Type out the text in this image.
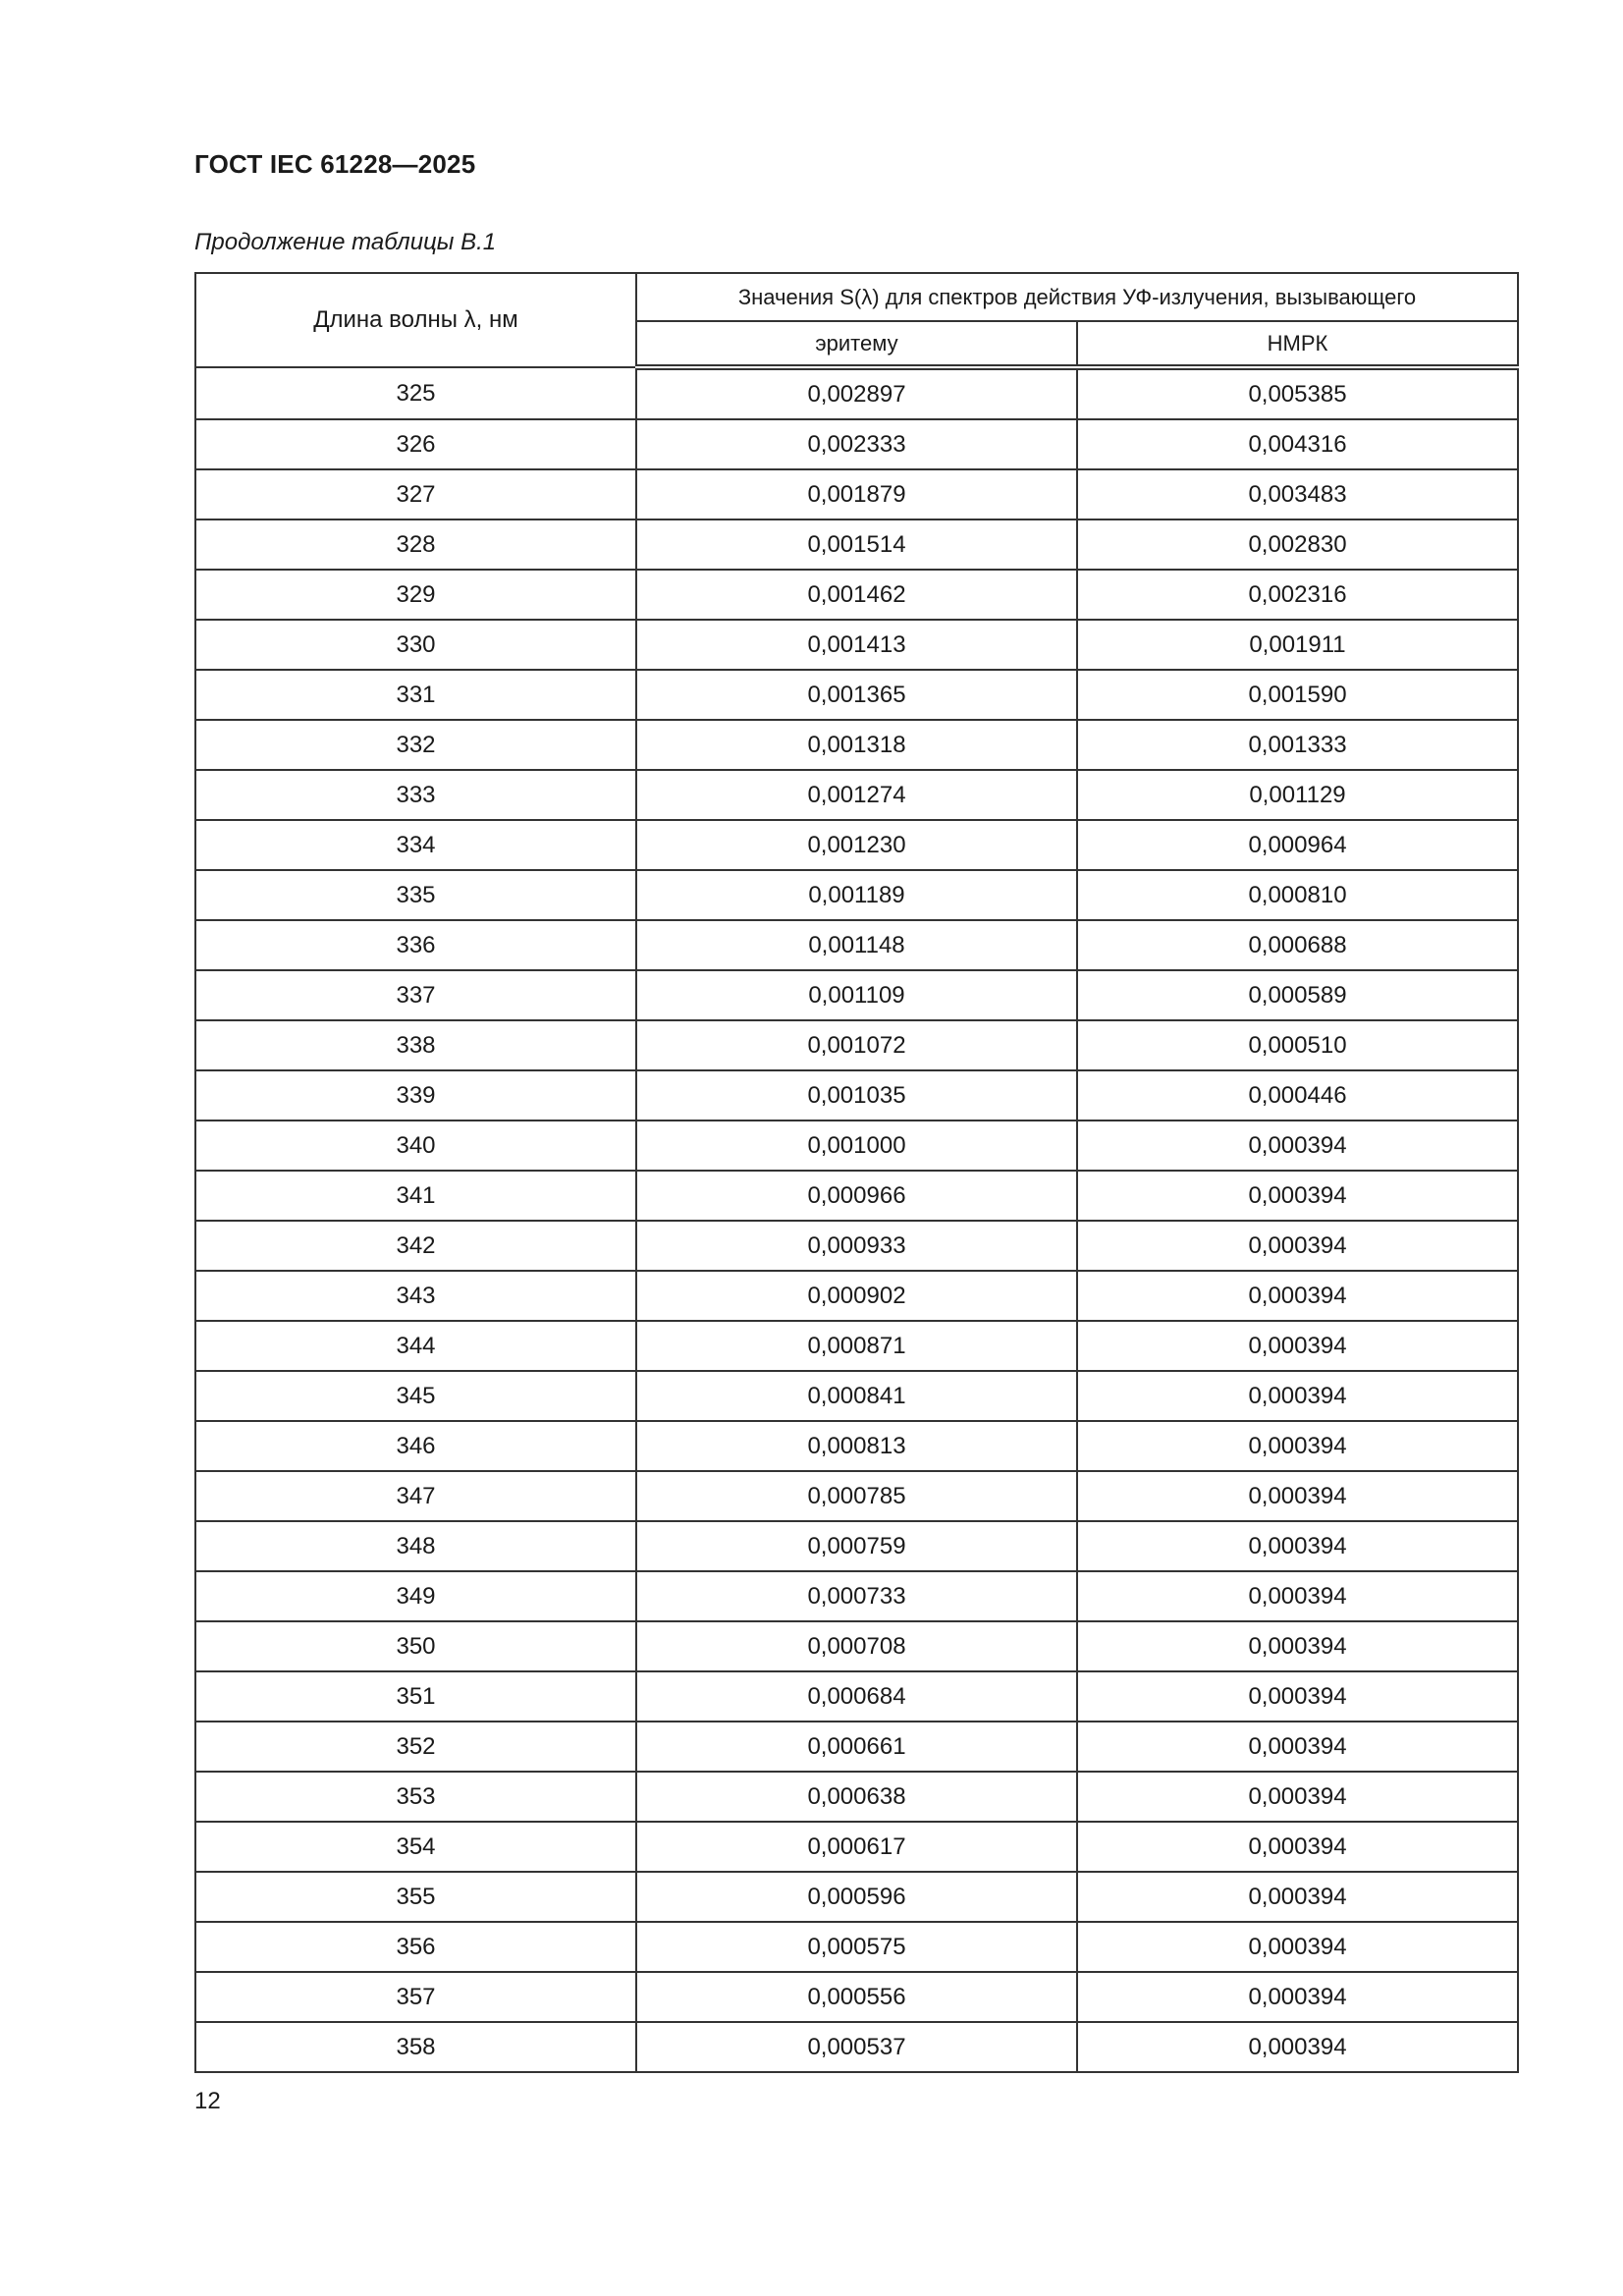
ГОСТ IEC 61228—2025

Продолжение таблицы В.1

Длина волны λ, нм	Значения S(λ) для спектров действия УФ-излучения, вызывающего	
	эритему	НМРК
325	0,002897	0,005385
326	0,002333	0,004316
327	0,001879	0,003483
328	0,001514	0,002830
329	0,001462	0,002316
330	0,001413	0,001911
331	0,001365	0,001590
332	0,001318	0,001333
333	0,001274	0,001129
334	0,001230	0,000964
335	0,001189	0,000810
336	0,001148	0,000688
337	0,001109	0,000589
338	0,001072	0,000510
339	0,001035	0,000446
340	0,001000	0,000394
341	0,000966	0,000394
342	0,000933	0,000394
343	0,000902	0,000394
344	0,000871	0,000394
345	0,000841	0,000394
346	0,000813	0,000394
347	0,000785	0,000394
348	0,000759	0,000394
349	0,000733	0,000394
350	0,000708	0,000394
351	0,000684	0,000394
352	0,000661	0,000394
353	0,000638	0,000394
354	0,000617	0,000394
355	0,000596	0,000394
356	0,000575	0,000394
357	0,000556	0,000394
358	0,000537	0,000394

12
